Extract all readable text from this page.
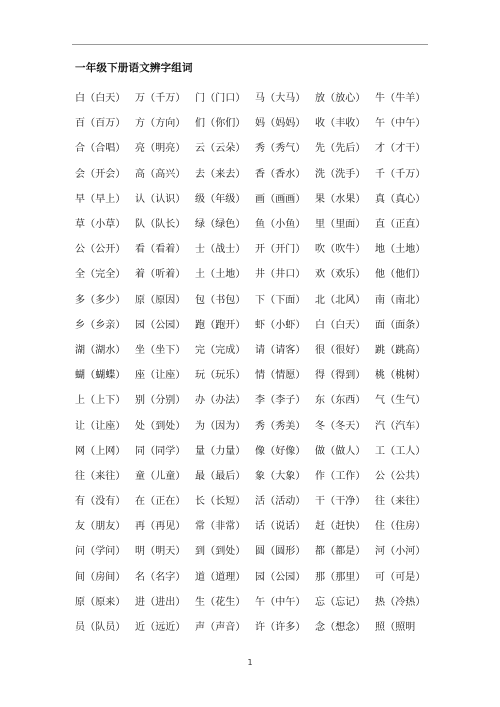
一年级下册语文辨字组词
白（白天） 万（千万） 门（门口） 马（大马） 放（放心） 牛（牛羊）
百（百万） 方（方向） 们（你们） 妈（妈妈） 收（丰收） 午（中午）
合（合唱） 亮（明亮） 云（云朵） 秀（秀气） 先（先后） 才（才干）
会（开会） 高（高兴） 去（来去） 香（香水） 洗（洗手） 千（千万）
早（早上） 认（认识） 级（年级） 画（画画） 果（水果） 真（真心）
草（小草） 队（队长） 绿（绿色） 鱼（小鱼） 里（里面） 直（正直）
公（公开） 看（看着） 士（战士） 开（开门） 吹（吹牛） 地（土地）
全（完全） 着（听着） 土（土地） 井（井口） 欢（欢乐） 他（他们）
多（多少） 原（原因） 包（书包） 下（下面） 北（北风） 南（南北）
乡（乡亲） 园（公园） 跑（跑开） 虾（小虾） 白（白天） 面（面条）
湖（湖水） 坐（坐下） 完（完成） 请（请客） 很（很好） 跳（跳高）
蝴（蝴蝶） 座（让座） 玩（玩乐） 情（情愿） 得（得到） 桃（桃树）
上（上下） 别（分别） 办（办法） 李（李子） 东（东西） 气（生气）
让（让座） 处（到处） 为（因为） 秀（秀美） 冬（冬天） 汽（汽车）
网（上网） 同（同学） 量（力量） 像（好像） 做（做人） 工（工人）
往（来往） 童（儿童） 最（最后） 象（大象） 作（工作） 公（公共）
有（没有） 在（正在） 长（长短） 活（活动） 干（干净） 往（来往）
友（朋友） 再（再见） 常（非常） 话（说话） 赶（赶快） 住（住房）
问（学问） 明（明天） 到（到处） 圆（圆形） 都（都是） 河（小河）
间（房间） 名（名字） 道（道理） 园（公园） 那（那里） 可（可是）
原（原来） 进（进出） 生（花生） 午（中午） 忘（忘记） 热（冷热）
员（队员） 近（远近） 声（声音） 许（许多） 念（想念） 照（照明
1
